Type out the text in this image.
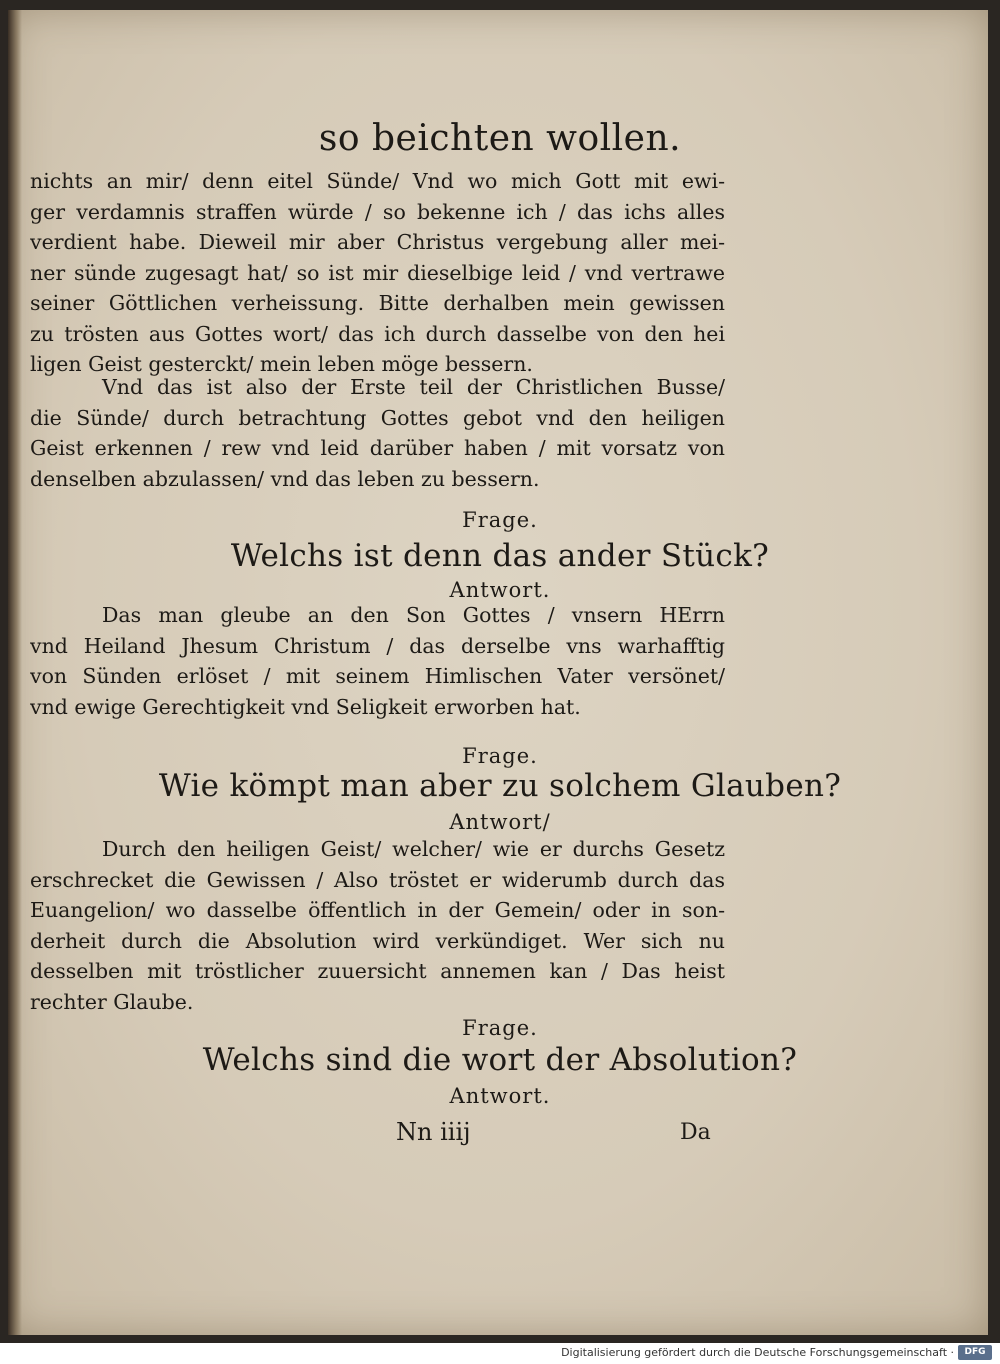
so beichten wollen.
nichts an mir/ denn eitel Sünde/ Vnd wo mich Gott mit ewi-
ger verdamnis straffen würde / so bekenne ich / das ichs alles
verdient habe. Dieweil mir aber Christus vergebung aller mei-
ner sünde zugesagt hat/ so ist mir dieselbige leid / vnd vertrawe
seiner Göttlichen verheissung. Bitte derhalben mein gewissen
zu trösten aus Gottes wort/ das ich durch dasselbe von den hei
ligen Geist gesterckt/ mein leben möge bessern.
Vnd das ist also der Erste teil der Christlichen Busse/
die Sünde/ durch betrachtung Gottes gebot vnd den heiligen
Geist erkennen / rew vnd leid darüber haben / mit vorsatz von
denselben abzulassen/ vnd das leben zu bessern.
Frage.
Welchs ist denn das ander Stück?
Antwort.
Das man gleube an den Son Gottes / vnsern HErrn
vnd Heiland Jhesum Christum / das derselbe vns warhafftig
von Sünden erlöset / mit seinem Himlischen Vater versönet/
vnd ewige Gerechtigkeit vnd Seligkeit erworben hat.
Frage.
Wie kömpt man aber zu solchem Glauben?
Antwort/
Durch den heiligen Geist/ welcher/ wie er durchs Gesetz
erschrecket die Gewissen / Also tröstet er widerumb durch das
Euangelion/ wo dasselbe öffentlich in der Gemein/ oder in son-
derheit durch die Absolution wird verkündiget. Wer sich nu
desselben mit tröstlicher zuuersicht annemen kan / Das heist
rechter Glaube.
Frage.
Welchs sind die wort der Absolution?
Antwort.
Nn iiij	Da
Digitalisierung gefördert durch die Deutsche Forschungsgemeinschaft ·	DFG
